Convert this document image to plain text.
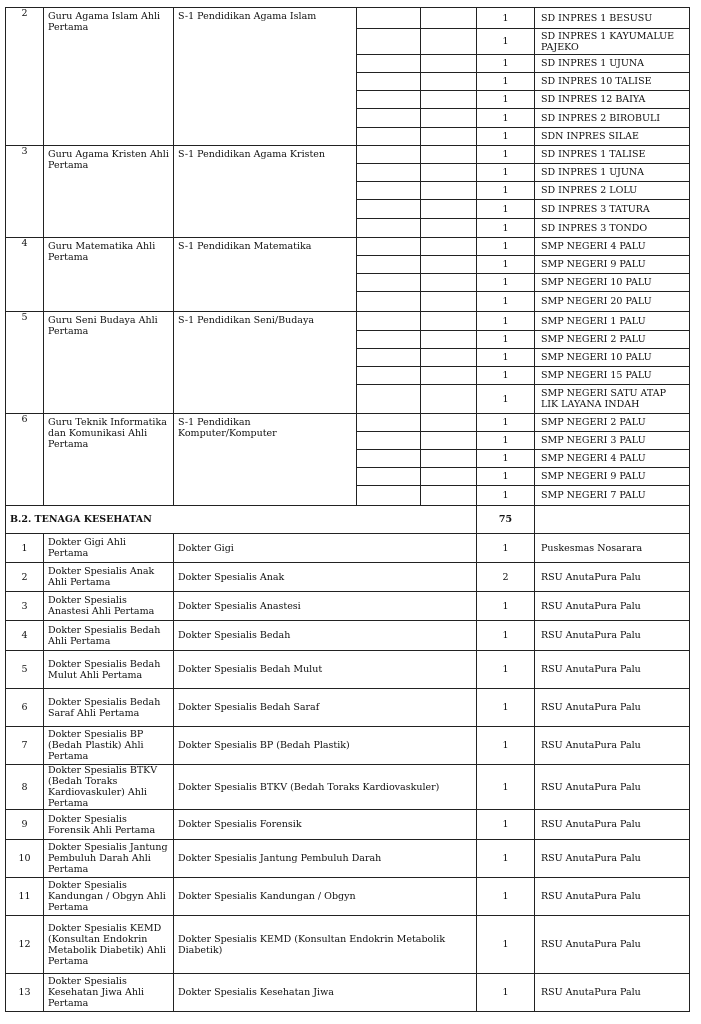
2	Guru Agama Islam Ahli Pertama	S-1 Pendidikan Agama Islam			1	SD INPRES 1 BESUSU
					1	SD INPRES 1 KAYUMALUE PAJEKO
					1	SD INPRES 1 UJUNA
					1	SD INPRES 10 TALISE
					1	SD INPRES 12 BAIYA
					1	SD INPRES 2 BIROBULI
					1	SDN INPRES SILAE
3	Guru Agama Kristen Ahli Pertama	S-1 Pendidikan Agama Kristen			1	SD INPRES 1 TALISE
					1	SD INPRES 1 UJUNA
					1	SD INPRES 2 LOLU
					1	SD INPRES 3 TATURA
					1	SD INPRES 3 TONDO
4	Guru Matematika Ahli Pertama	S-1 Pendidikan Matematika			1	SMP NEGERI 4 PALU
					1	SMP NEGERI 9 PALU
					1	SMP NEGERI 10 PALU
					1	SMP NEGERI 20 PALU
5	Guru Seni Budaya Ahli Pertama	S-1 Pendidikan Seni/Budaya			1	SMP NEGERI 1 PALU
					1	SMP NEGERI 2 PALU
					1	SMP NEGERI 10 PALU
					1	SMP NEGERI 15 PALU
					1	SMP NEGERI SATU ATAP LIK LAYANA INDAH
6	Guru Teknik Informatika dan Komunikasi Ahli Pertama	S-1 Pendidikan Komputer/Komputer			1	SMP NEGERI 2 PALU
					1	SMP NEGERI 3 PALU
					1	SMP NEGERI 4 PALU
					1	SMP NEGERI 9 PALU
					1	SMP NEGERI 7 PALU
B.2. TENAGA KESEHATAN					75	
1	Dokter Gigi Ahli Pertama	Dokter Gigi			1	Puskesmas Nosarara
2	Dokter Spesialis Anak Ahli Pertama	Dokter Spesialis Anak			2	RSU AnutaPura Palu
3	Dokter Spesialis Anastesi Ahli Pertama	Dokter Spesialis Anastesi			1	RSU AnutaPura Palu
4	Dokter Spesialis Bedah Ahli Pertama	Dokter Spesialis Bedah			1	RSU AnutaPura Palu
5	Dokter Spesialis Bedah Mulut Ahli Pertama	Dokter Spesialis Bedah Mulut			1	RSU AnutaPura Palu
6	Dokter Spesialis Bedah Saraf Ahli Pertama	Dokter Spesialis Bedah Saraf			1	RSU AnutaPura Palu
7	Dokter Spesialis BP (Bedah Plastik) Ahli Pertama	Dokter Spesialis BP (Bedah Plastik)			1	RSU AnutaPura Palu
8	Dokter Spesialis BTKV (Bedah Toraks Kardiovaskuler) Ahli Pertama	Dokter Spesialis BTKV (Bedah Toraks Kardiovaskuler)			1	RSU AnutaPura Palu
9	Dokter Spesialis Forensik Ahli Pertama	Dokter Spesialis Forensik			1	RSU AnutaPura Palu
10	Dokter Spesialis Jantung Pembuluh Darah Ahli Pertama	Dokter Spesialis Jantung Pembuluh Darah			1	RSU AnutaPura Palu
11	Dokter Spesialis Kandungan / Obgyn Ahli Pertama	Dokter Spesialis Kandungan / Obgyn			1	RSU AnutaPura Palu
12	Dokter Spesialis KEMD (Konsultan Endokrin Metabolik Diabetik) Ahli Pertama	Dokter Spesialis KEMD (Konsultan Endokrin Metabolik Diabetik)			1	RSU AnutaPura Palu
13	Dokter Spesialis Kesehatan Jiwa Ahli Pertama	Dokter Spesialis Kesehatan Jiwa			1	RSU AnutaPura Palu
